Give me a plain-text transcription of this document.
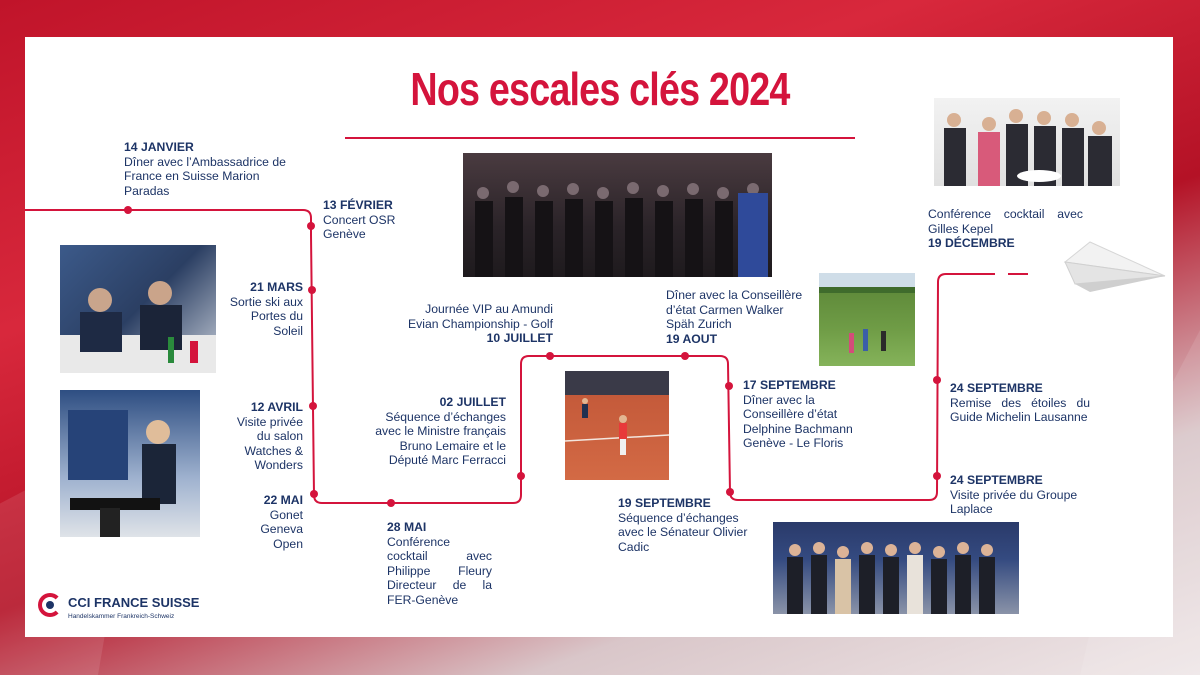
Nos escales clés 2024
14 JANVIER
Dîner avec l’Ambassadrice de France en Suisse Marion Paradas
13 FÉVRIER
Concert OSR Genève
21 MARS
Sortie ski aux Portes du Soleil
12 AVRIL
Visite privée du salon Watches & Wonders
22 MAI
Gonet Geneva Open
28 MAI
Conférence cocktail avec Philippe Fleury Directeur de la FER-Genève
02 JUILLET
Séquence d’échanges avec le Ministre français Bruno Lemaire et le Député Marc Ferracci
Journée VIP au Amundi Evian Championship - Golf
10 JUILLET
Dîner avec la Conseillère d’état Carmen Walker Späh Zurich
19 AOUT
19 SEPTEMBRE
Séquence d’échanges avec le Sénateur Olivier Cadic
17 SEPTEMBRE
Dîner avec la Conseillère d’état Delphine Bachmann Genève - Le Floris
24 SEPTEMBRE
Remise des étoiles du Guide Michelin Lausanne
24 SEPTEMBRE
Visite privée du Groupe Laplace
Conférence cocktail avec Gilles Kepel
19 DÉCEMBRE
CCI FRANCE SUISSE
Handelskammer Frankreich-Schweiz
